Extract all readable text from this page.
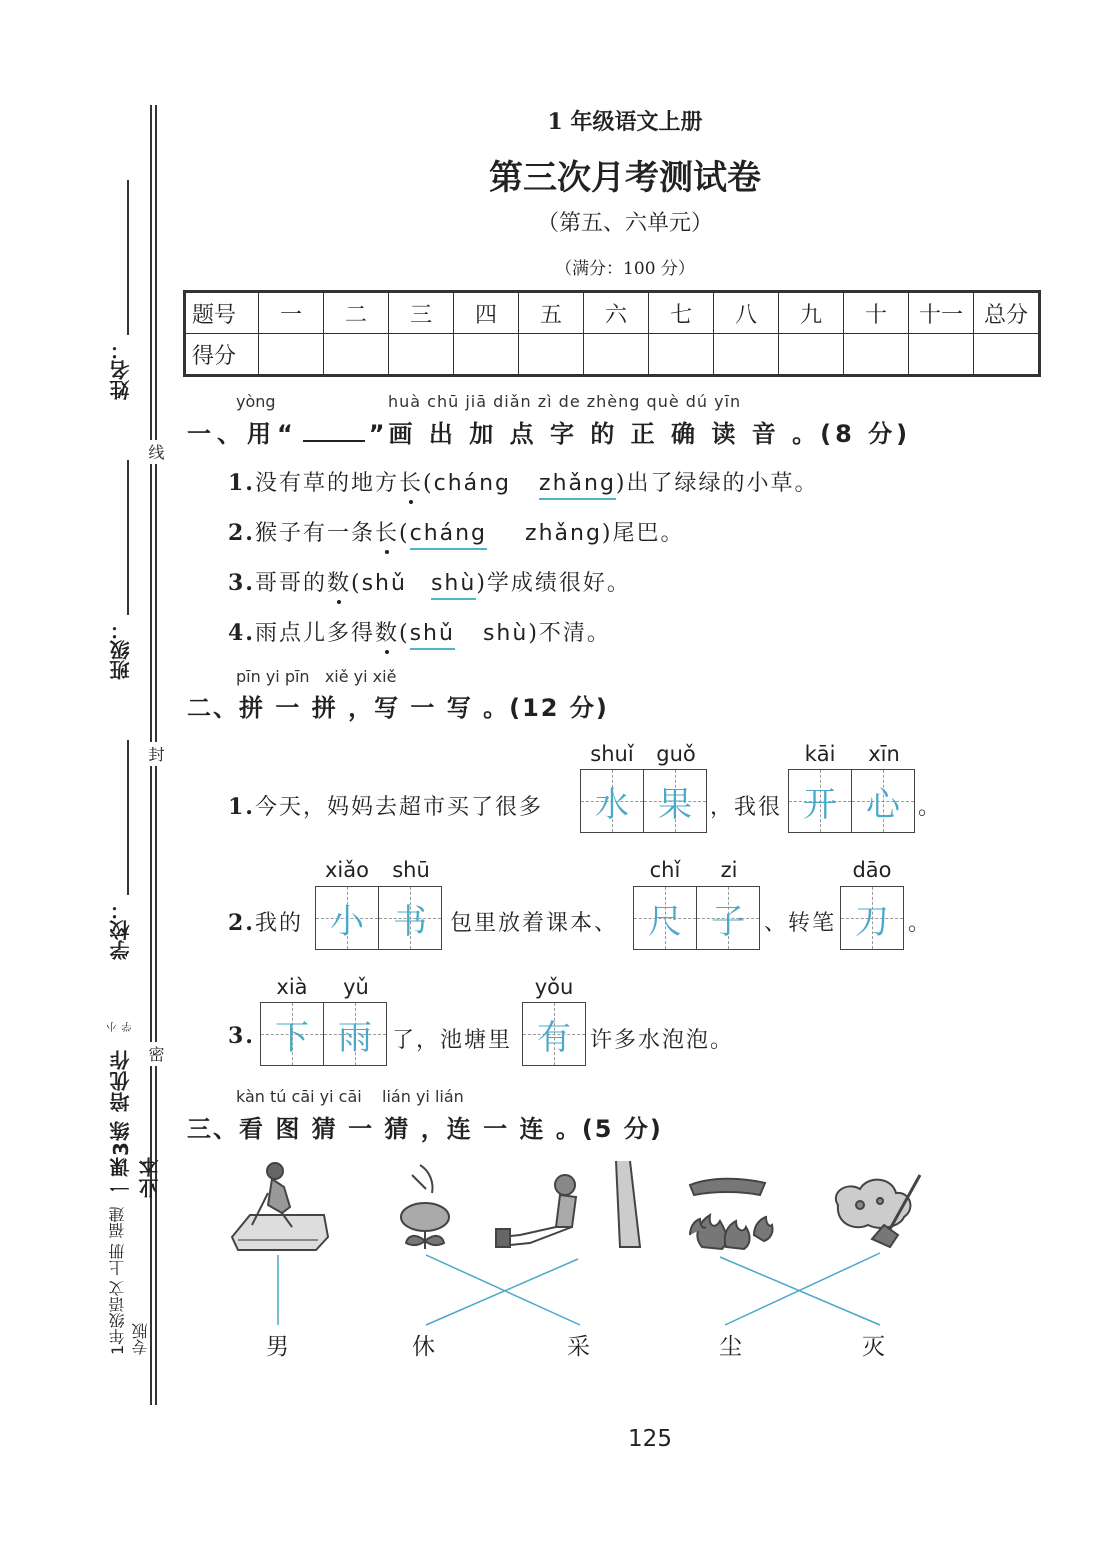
线
封
密
姓名：
班级：
学校：
1年级语文 上册 福建专版
一课3练 培优作业本
小学
1 年级语文上册
第三次月考测试卷
（第五、六单元）
（满分：100 分）
题号	一	二	三	四	五	六	七	八	九	十	十一	总分
得分												
yòng	huà chū jiā diǎn zì de zhèng què dú yīn
一、用“	”画 出 加 点 字 的 正 确 读 音 。(8 分)
1.没有草的地方长(cháng zhǎng)出了绿绿的小草。
2.猴子有一条长(cháng zhǎng)尾巴。
3.哥哥的数(shǔ shù)学成绩很好。
4.雨点儿多得数(shǔ shù)不清。
pīn yi pīn   xiě yi xiě
二、拼 一 拼 ，写 一 写 。(12 分)
1.今天，妈妈去超市买了很多
shuǐ	guǒ
水 果 ，我很
kāi	xīn
开 心 。
2.我的
xiǎo	shū
小 书 包里放着课本、
chǐ	zi
尺 子 、转笔
dāo
刀 。
3.
xià	yǔ
下 雨 了，池塘里
yǒu
有 许多水泡泡。
kàn tú cāi yi cāi    lián yi lián
三、看 图 猜 一 猜 ，连 一 连 。(5 分)
男	休	采	尘	灭
125
